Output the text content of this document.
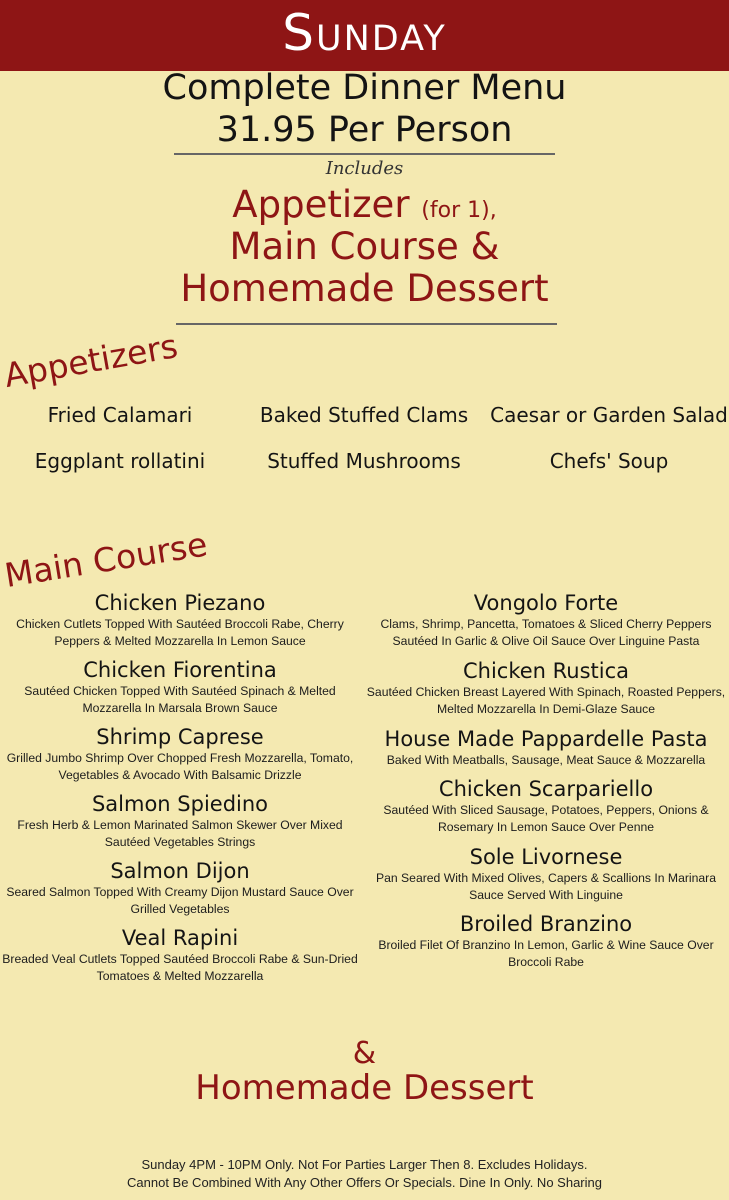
Sunday
Complete Dinner Menu
31.95 Per Person
Includes
Appetizer (for 1),
Main Course &
Homemade Dessert
Appetizers
Fried Calamari	Baked Stuffed Clams	Caesar or Garden Salad
Eggplant rollatini	Stuffed Mushrooms	Chefs' Soup
Main Course
Chicken Piezano
Chicken Cutlets Topped With Sautéed Broccoli Rabe, Cherry Peppers & Melted Mozzarella In Lemon Sauce
Chicken Fiorentina
Sautéed Chicken Topped With Sautéed Spinach & Melted Mozzarella In Marsala Brown Sauce
Shrimp Caprese
Grilled Jumbo Shrimp Over Chopped Fresh Mozzarella, Tomato, Vegetables & Avocado With Balsamic Drizzle
Salmon Spiedino
Fresh Herb & Lemon Marinated Salmon Skewer Over Mixed Sautéed Vegetables Strings
Salmon Dijon
Seared Salmon Topped With Creamy Dijon Mustard Sauce Over Grilled Vegetables
Veal Rapini
Breaded Veal Cutlets Topped Sautéed Broccoli Rabe & Sun-Dried Tomatoes & Melted Mozzarella
Vongolo Forte
Clams, Shrimp, Pancetta, Tomatoes & Sliced Cherry Peppers Sautéed In Garlic & Olive Oil Sauce Over Linguine Pasta
Chicken Rustica
Sautéed Chicken Breast Layered With Spinach, Roasted Peppers, Melted Mozzarella In Demi-Glaze Sauce
House Made Pappardelle Pasta
Baked With Meatballs, Sausage, Meat Sauce & Mozzarella
Chicken Scarpariello
Sautéed With Sliced Sausage, Potatoes, Peppers, Onions & Rosemary In Lemon Sauce Over Penne
Sole Livornese
Pan Seared With Mixed Olives, Capers & Scallions In Marinara Sauce Served With Linguine
Broiled Branzino
Broiled Filet Of Branzino In Lemon, Garlic & Wine Sauce Over Broccoli Rabe
&
Homemade Dessert
Sunday 4PM - 10PM Only. Not For Parties Larger Then 8. Excludes Holidays.
Cannot Be Combined With Any Other Offers Or Specials. Dine In Only. No Sharing
